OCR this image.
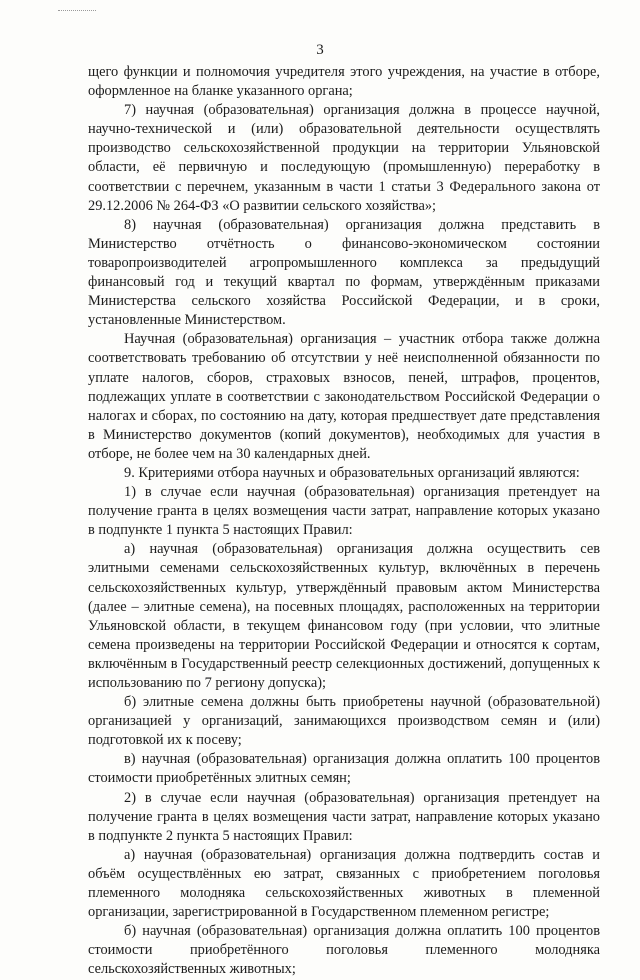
3

щего функции и полномочия учредителя этого учреждения, на участие в отборе, оформленное на бланке указанного органа;

7) научная (образовательная) организация должна в процессе научной, научно-технической и (или) образовательной деятельности осуществлять производство сельскохозяйственной продукции на территории Ульяновской области, её первичную и последующую (промышленную) переработку в соответствии с перечнем, указанным в части 1 статьи 3 Федерального закона от 29.12.2006 № 264-ФЗ «О развитии сельского хозяйства»;

8) научная (образовательная) организация должна представить в Министерство отчётность о финансово-экономическом состоянии товаропроизводителей агропромышленного комплекса за предыдущий финансовый год и текущий квартал по формам, утверждённым приказами Министерства сельского хозяйства Российской Федерации, и в сроки, установленные Министерством.

Научная (образовательная) организация – участник отбора также должна соответствовать требованию об отсутствии у неё неисполненной обязанности по уплате налогов, сборов, страховых взносов, пеней, штрафов, процентов, подлежащих уплате в соответствии с законодательством Российской Федерации о налогах и сборах, по состоянию на дату, которая предшествует дате представления в Министерство документов (копий документов), необходимых для участия в отборе, не более чем на 30 календарных дней.

9. Критериями отбора научных и образовательных организаций являются:

1) в случае если научная (образовательная) организация претендует на получение гранта в целях возмещения части затрат, направление которых указано в подпункте 1 пункта 5 настоящих Правил:

а) научная (образовательная) организация должна осуществить сев элитными семенами сельскохозяйственных культур, включённых в перечень сельскохозяйственных культур, утверждённый правовым актом Министерства (далее – элитные семена), на посевных площадях, расположенных на территории Ульяновской области, в текущем финансовом году (при условии, что элитные семена произведены на территории Российской Федерации и относятся к сортам, включённым в Государственный реестр селекционных достижений, допущенных к использованию по 7 региону допуска);

б) элитные семена должны быть приобретены научной (образовательной) организацией у организаций, занимающихся производством семян и (или) подготовкой их к посеву;

в) научная (образовательная) организация должна оплатить 100 процентов стоимости приобретённых элитных семян;

2) в случае если научная (образовательная) организация претендует на получение гранта в целях возмещения части затрат, направление которых указано в подпункте 2 пункта 5 настоящих Правил:

а) научная (образовательная) организация должна подтвердить состав и объём осуществлённых ею затрат, связанных с приобретением поголовья племенного молодняка сельскохозяйственных животных в племенной организации, зарегистрированной в Государственном племенном регистре;

б) научная (образовательная) организация должна оплатить 100 процентов стоимости приобретённого поголовья племенного молодняка сельскохозяйственных животных;
